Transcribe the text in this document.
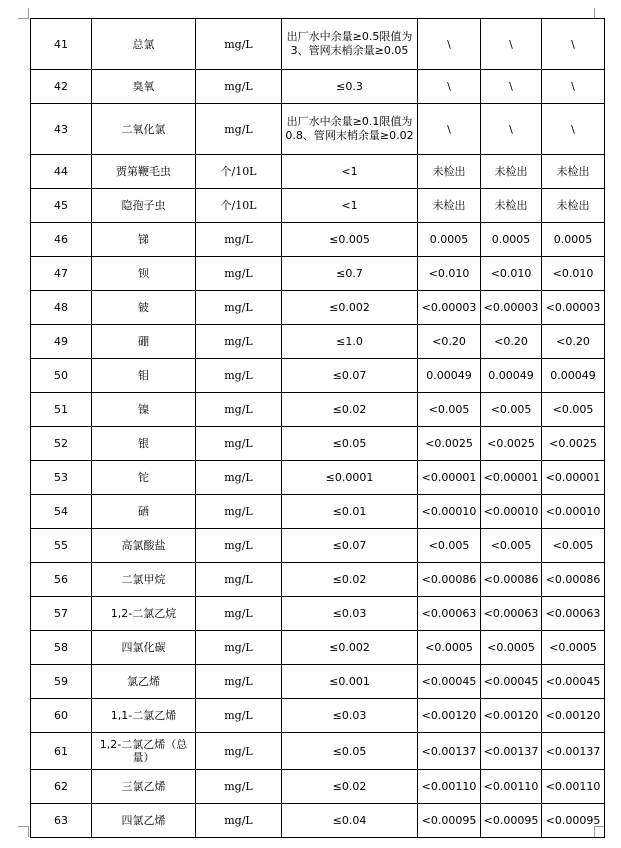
41	总氯	mg/L	出厂水中余量≥0.5限值为3、管网末梢余量≥0.05	\	\	\
42	臭氧	mg/L	≤0.3	\	\	\
43	二氧化氯	mg/L	出厂水中余量≥0.1限值为0.8、管网末梢余量≥0.02	\	\	\
44	贾第鞭毛虫	个/10L	<1	未检出	未检出	未检出
45	隐孢子虫	个/10L	<1	未检出	未检出	未检出
46	锑	mg/L	≤0.005	0.0005	0.0005	0.0005
47	钡	mg/L	≤0.7	<0.010	<0.010	<0.010
48	铍	mg/L	≤0.002	<0.00003	<0.00003	<0.00003
49	硼	mg/L	≤1.0	<0.20	<0.20	<0.20
50	钼	mg/L	≤0.07	0.00049	0.00049	0.00049
51	镍	mg/L	≤0.02	<0.005	<0.005	<0.005
52	银	mg/L	≤0.05	<0.0025	<0.0025	<0.0025
53	铊	mg/L	≤0.0001	<0.00001	<0.00001	<0.00001
54	硒	mg/L	≤0.01	<0.00010	<0.00010	<0.00010
55	高氯酸盐	mg/L	≤0.07	<0.005	<0.005	<0.005
56	二氯甲烷	mg/L	≤0.02	<0.00086	<0.00086	<0.00086
57	1,2-二氯乙烷	mg/L	≤0.03	<0.00063	<0.00063	<0.00063
58	四氯化碳	mg/L	≤0.002	<0.0005	<0.0005	<0.0005
59	氯乙烯	mg/L	≤0.001	<0.00045	<0.00045	<0.00045
60	1,1-二氯乙烯	mg/L	≤0.03	<0.00120	<0.00120	<0.00120
61	1,2-二氯乙烯（总量）	mg/L	≤0.05	<0.00137	<0.00137	<0.00137
62	三氯乙烯	mg/L	≤0.02	<0.00110	<0.00110	<0.00110
63	四氯乙烯	mg/L	≤0.04	<0.00095	<0.00095	<0.00095
